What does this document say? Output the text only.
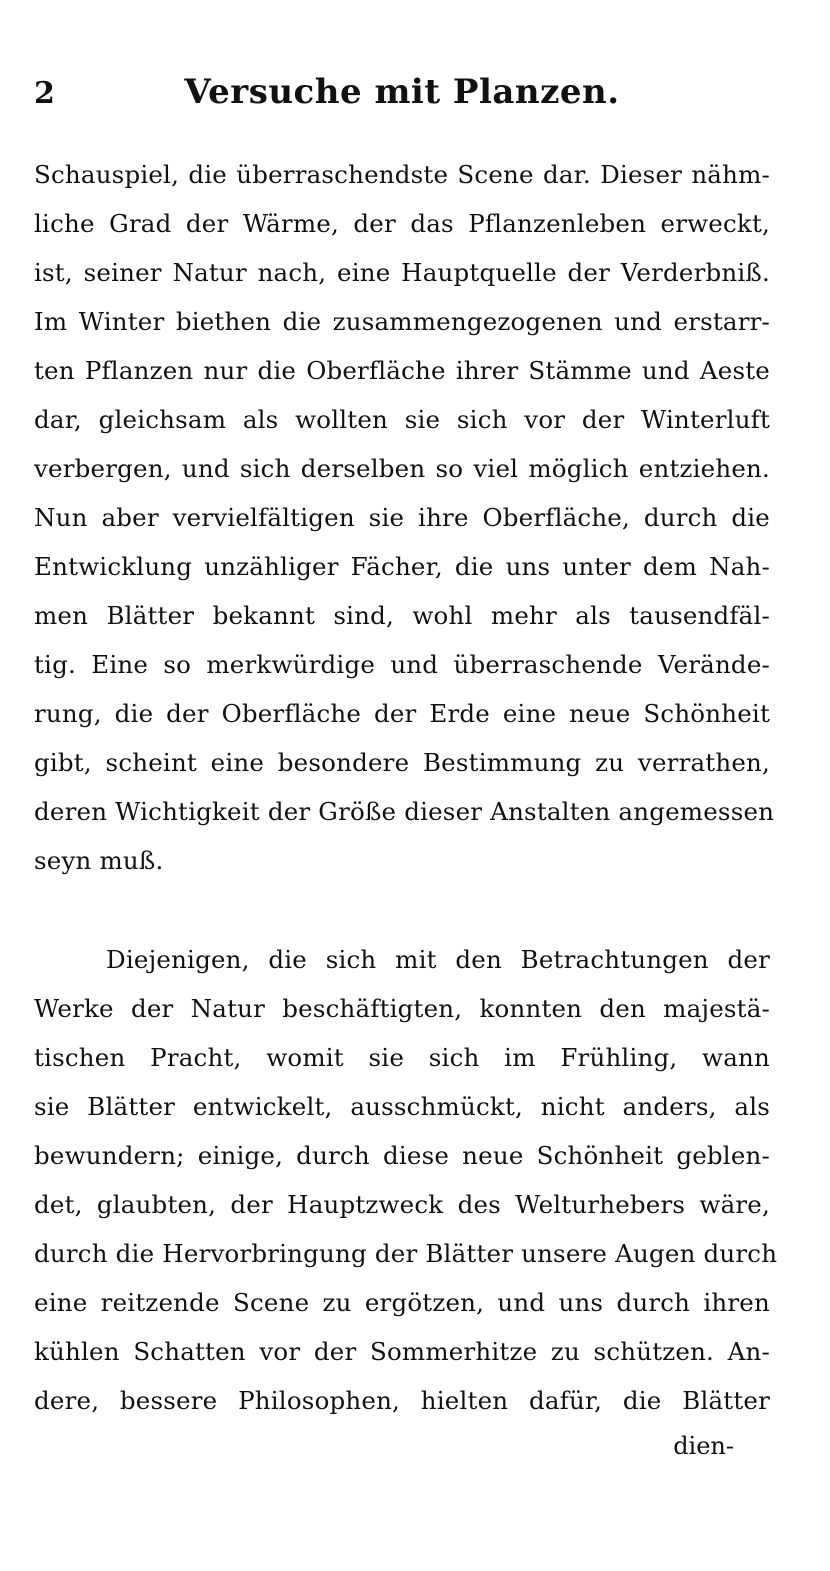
2	Versuche mit Planzen.
Schauspiel, die überraschendste Scene dar. Dieser nähm-
liche Grad der Wärme, der das Pflanzenleben erweckt,
ist, seiner Natur nach, eine Hauptquelle der Verderbniß.
Im Winter biethen die zusammengezogenen und erstarr-
ten Pflanzen nur die Oberfläche ihrer Stämme und Aeste
dar, gleichsam als wollten sie sich vor der Winterluft
verbergen, und sich derselben so viel möglich entziehen.
Nun aber vervielfältigen sie ihre Oberfläche, durch die
Entwicklung unzähliger Fächer, die uns unter dem Nah-
men Blätter bekannt sind, wohl mehr als tausendfäl-
tig. Eine so merkwürdige und überraschende Verände-
rung, die der Oberfläche der Erde eine neue Schönheit
gibt, scheint eine besondere Bestimmung zu verrathen,
deren Wichtigkeit der Größe dieser Anstalten angemessen
seyn muß.
Diejenigen, die sich mit den Betrachtungen der
Werke der Natur beschäftigten, konnten den majestä-
tischen Pracht, womit sie sich im Frühling, wann
sie Blätter entwickelt, ausschmückt, nicht anders, als
bewundern; einige, durch diese neue Schönheit geblen-
det, glaubten, der Hauptzweck des Welturhebers wäre,
durch die Hervorbringung der Blätter unsere Augen durch
eine reitzende Scene zu ergötzen, und uns durch ihren
kühlen Schatten vor der Sommerhitze zu schützen. An-
dere, bessere Philosophen, hielten dafür, die Blätter
dien-
